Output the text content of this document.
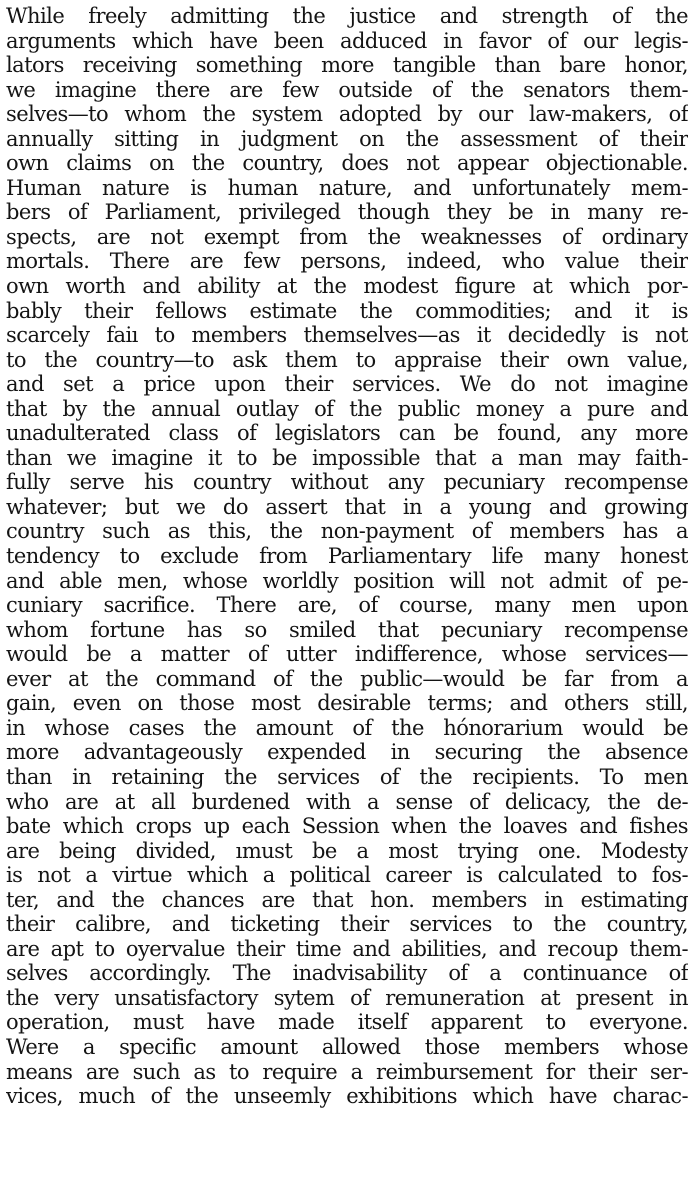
While freely admitting the justice and strength of the
arguments which have been adduced in favor of our legis-
lators receiving something more tangible than bare honor,
we imagine there are few outside of the senators them-
selves—to whom the system adopted by our law-makers, of
annually sitting in judgment on the assessment of their
own claims on the country, does not appear objectionable.
Human nature is human nature, and unfortunately mem-
bers of Parliament, privileged though they be in many re-
spects, are not exempt from the weaknesses of ordinary
mortals. There are few persons, indeed, who value their
own worth and ability at the modest figure at which por-
bably their fellows estimate the commodities; and it is
scarcely faiı to members themselves—as it decidedly is not
to the country—to ask them to appraise their own value,
and set a price upon their services. We do not imagine
that by the annual outlay of the public money a pure and
unadulterated class of legislators can be found, any more
than we imagine it to be impossible that a man may faith-
fully serve his country without any pecuniary recompense
whatever; but we do assert that in a young and growing
country such as this, the non-payment of members has a
tendency to exclude from Parliamentary life many honest
and able men, whose worldly position will not admit of pe-
cuniary sacrifice. There are, of course, many men upon
whom fortune has so smiled that pecuniary recompense
would be a matter of utter indifference, whose services—
ever at the command of the public—would be far from a
gain, even on those most desirable terms; and others still,
in whose cases the amount of the hónorarium would be
more advantageously expended in securing the absence
than in retaining the services of the recipients. To men
who are at all burdened with a sense of delicacy, the de-
bate which crops up each Session when the loaves and fishes
are being divided, ımust be a most trying one. Modesty
is not a virtue which a political career is calculated to fos-
ter, and the chances are that hon. members in estimating
their calibre, and ticketing their services to the country,
are apt to oyervalue their time and abilities, and recoup them-
selves accordingly. The inadvisability of a continuance of
the very unsatisfactory sytem of remuneration at present in
operation, must have made itself apparent to everyone.
Were a specific amount allowed those members whose
means are such as to require a reimbursement for their ser-
vices, much of the unseemly exhibitions which have charac-
